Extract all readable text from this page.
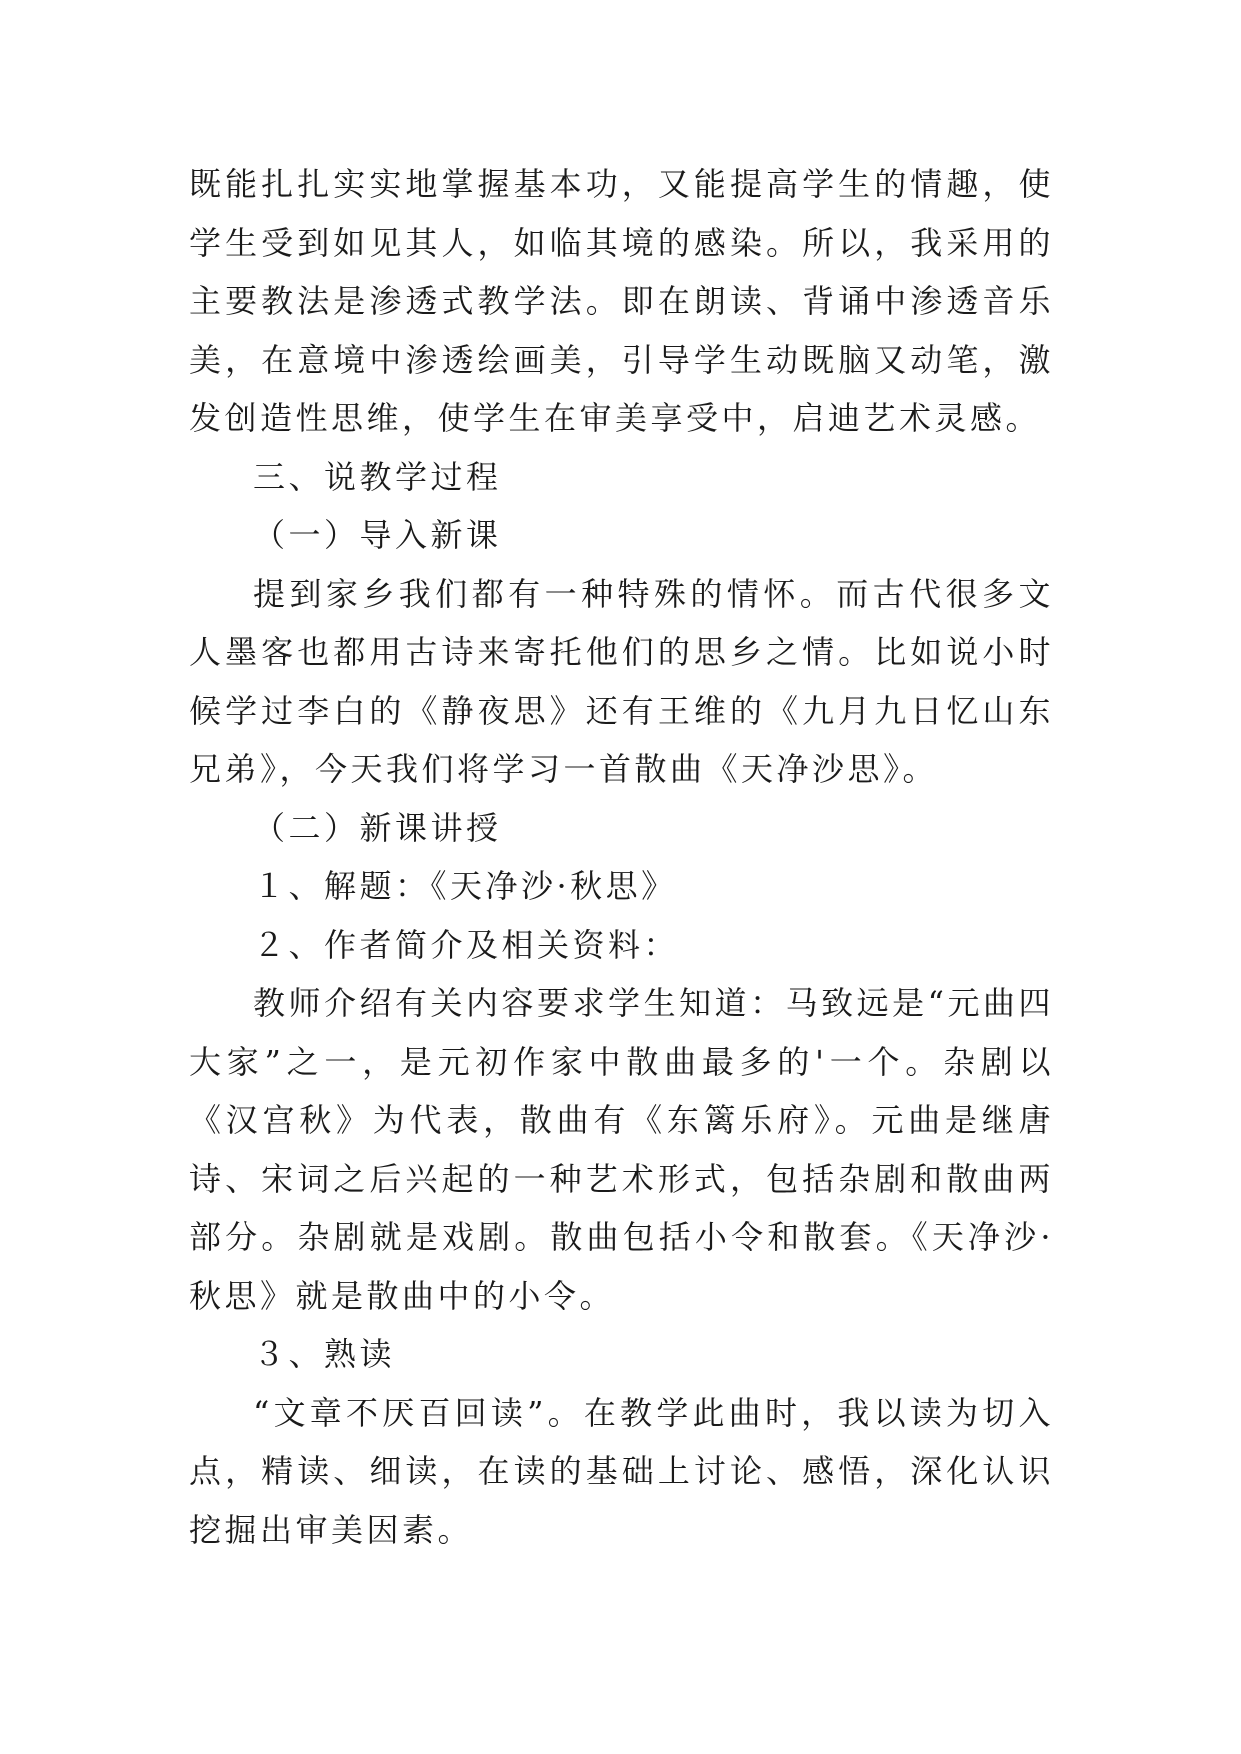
既能扎扎实实地掌握基本功，又能提高学生的情趣，使学生受到如见其人，如临其境的感染。所以，我采用的主要教法是渗透式教学法。即在朗读、背诵中渗透音乐美，在意境中渗透绘画美，引导学生动既脑又动笔，激发创造性思维，使学生在审美享受中，启迪艺术灵感。

三、说教学过程

（一）导入新课

提到家乡我们都有一种特殊的情怀。而古代很多文人墨客也都用古诗来寄托他们的思乡之情。比如说小时候学过李白的《静夜思》还有王维的《九月九日忆山东兄弟》，今天我们将学习一首散曲《天净沙思》。

（二）新课讲授

１、解题：《天净沙·秋思》

２、作者简介及相关资料：

教师介绍有关内容要求学生知道：马致远是“元曲四大家”之一，是元初作家中散曲最多的'一个。杂剧以《汉宫秋》为代表，散曲有《东篱乐府》。元曲是继唐诗、宋词之后兴起的一种艺术形式，包括杂剧和散曲两部分。杂剧就是戏剧。散曲包括小令和散套。《天净沙·秋思》就是散曲中的小令。

３、熟读

“文章不厌百回读”。在教学此曲时，我以读为切入点，精读、细读，在读的基础上讨论、感悟，深化认识挖掘出审美因素。
